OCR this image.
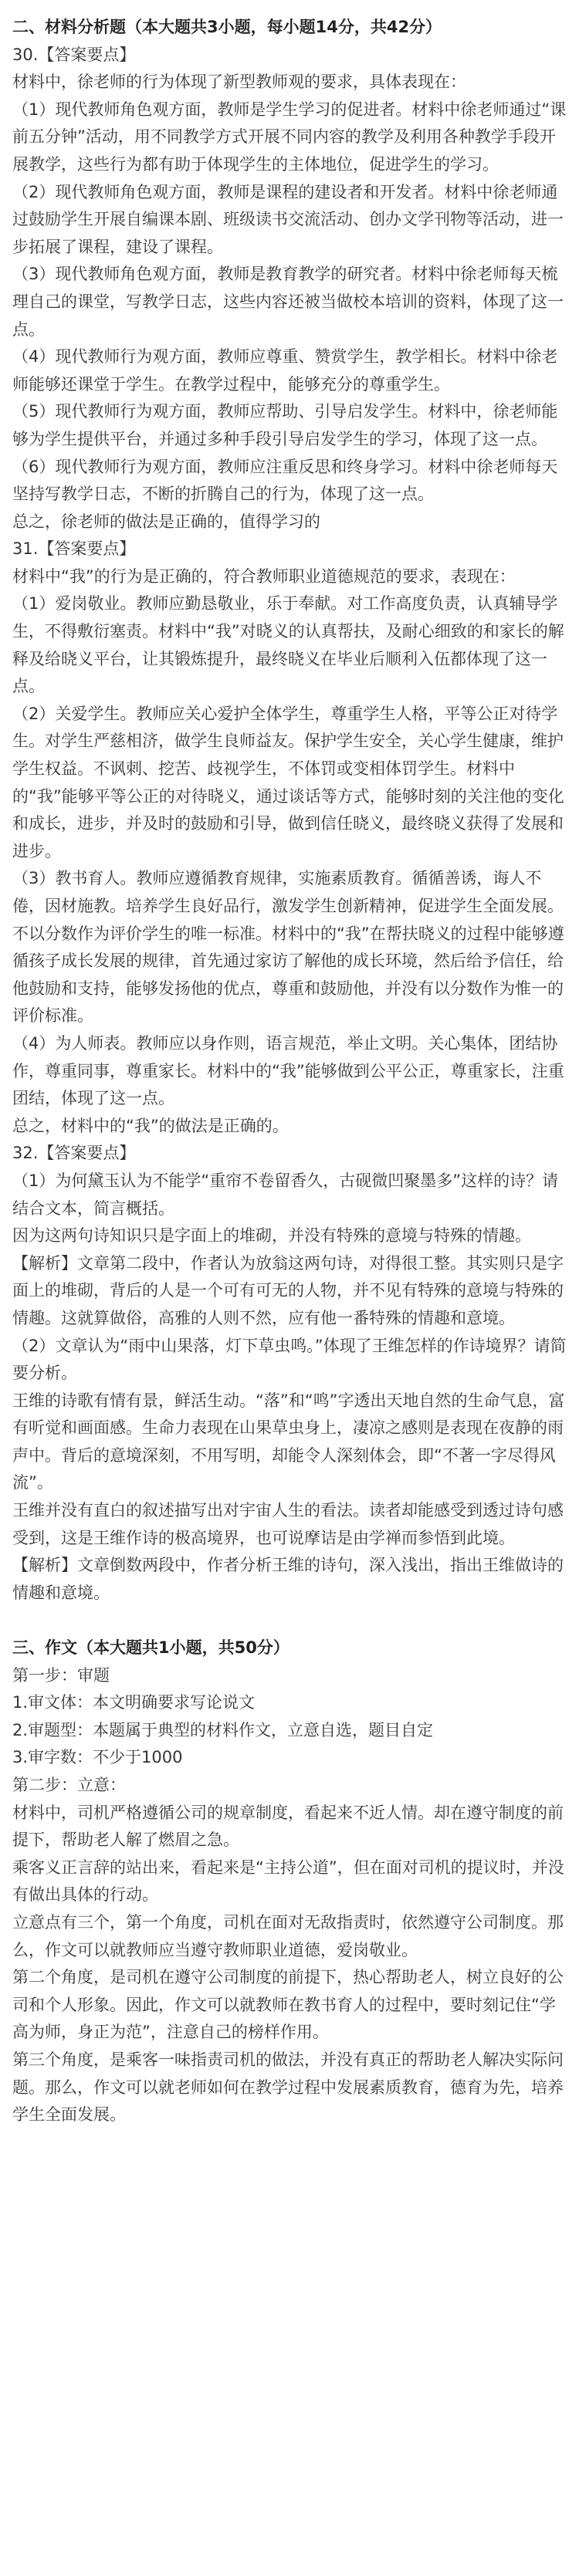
二、材料分析题（本大题共3小题，每小题14分，共42分）

30.【答案要点】

材料中，徐老师的行为体现了新型教师观的要求，具体表现在：

（1）现代教师角色观方面，教师是学生学习的促进者。材料中徐老师通过“课前五分钟”活动，用不同教学方式开展不同内容的教学及利用各种教学手段开展教学，这些行为都有助于体现学生的主体地位，促进学生的学习。

（2）现代教师角色观方面，教师是课程的建设者和开发者。材料中徐老师通过鼓励学生开展自编课本剧、班级读书交流活动、创办文学刊物等活动，进一步拓展了课程，建设了课程。

（3）现代教师角色观方面，教师是教育教学的研究者。材料中徐老师每天梳理自己的课堂，写教学日志，这些内容还被当做校本培训的资料，体现了这一点。

（4）现代教师行为观方面，教师应尊重、赞赏学生，教学相长。材料中徐老师能够还课堂于学生。在教学过程中，能够充分的尊重学生。

（5）现代教师行为观方面，教师应帮助、引导启发学生。材料中，徐老师能够为学生提供平台，并通过多种手段引导启发学生的学习，体现了这一点。

（6）现代教师行为观方面，教师应注重反思和终身学习。材料中徐老师每天坚持写教学日志，不断的折腾自己的行为，体现了这一点。

总之，徐老师的做法是正确的，值得学习的

31.【答案要点】

材料中“我”的行为是正确的，符合教师职业道德规范的要求，表现在：

（1）爱岗敬业。教师应勤恳敬业，乐于奉献。对工作高度负责，认真辅导学生，不得敷衍塞责。材料中“我”对晓义的认真帮扶，及耐心细致的和家长的解释及给晓义平台，让其锻炼提升，最终晓义在毕业后顺利入伍都体现了这一点。

（2）关爱学生。教师应关心爱护全体学生，尊重学生人格，平等公正对待学生。对学生严慈相济，做学生良师益友。保护学生安全，关心学生健康，维护学生权益。不讽刺、挖苦、歧视学生，不体罚或变相体罚学生。材料中的“我”能够平等公正的对待晓义，通过谈话等方式，能够时刻的关注他的变化和成长，进步，并及时的鼓励和引导，做到信任晓义，最终晓义获得了发展和进步。

（3）教书育人。教师应遵循教育规律，实施素质教育。循循善诱，诲人不倦，因材施教。培养学生良好品行，激发学生创新精神，促进学生全面发展。不以分数作为评价学生的唯一标准。材料中的“我”在帮扶晓义的过程中能够遵循孩子成长发展的规律，首先通过家访了解他的成长环境，然后给予信任，给他鼓励和支持，能够发扬他的优点，尊重和鼓励他，并没有以分数作为惟一的评价标准。

（4）为人师表。教师应以身作则，语言规范，举止文明。关心集体，团结协作，尊重同事，尊重家长。材料中的“我”能够做到公平公正，尊重家长，注重团结，体现了这一点。

总之，材料中的“我”的做法是正确的。

32.【答案要点】

（1）为何黛玉认为不能学“重帘不卷留香久，古砚微凹聚墨多”这样的诗？请结合文本，简言概括。

因为这两句诗知识只是字面上的堆砌，并没有特殊的意境与特殊的情趣。

【解析】文章第二段中，作者认为放翁这两句诗，对得很工整。其实则只是字面上的堆砌，背后的人是一个可有可无的人物，并不见有特殊的意境与特殊的情趣。这就算做俗，高雅的人则不然，应有他一番特殊的情趣和意境。

（2）文章认为“雨中山果落，灯下草虫鸣。”体现了王维怎样的作诗境界？请简要分析。

王维的诗歌有情有景，鲜活生动。“落”和“鸣”字透出天地自然的生命气息，富有听觉和画面感。生命力表现在山果草虫身上，凄凉之感则是表现在夜静的雨声中。背后的意境深刻，不用写明，却能令人深刻体会，即“不著一字尽得风流”。

王维并没有直白的叙述描写出对宇宙人生的看法。读者却能感受到透过诗句感受到，这是王维作诗的极高境界，也可说摩诘是由学禅而参悟到此境。

【解析】文章倒数两段中，作者分析王维的诗句，深入浅出，指出王维做诗的情趣和意境。

三、作文（本大题共1小题，共50分）

第一步：审题

1.审文体：本文明确要求写论说文

2.审题型：本题属于典型的材料作文，立意自选，题目自定

3.审字数：不少于1000

第二步：立意：

材料中，司机严格遵循公司的规章制度，看起来不近人情。却在遵守制度的前提下，帮助老人解了燃眉之急。

乘客义正言辞的站出来，看起来是“主持公道”，但在面对司机的提议时，并没有做出具体的行动。

立意点有三个，第一个角度，司机在面对无敌指责时，依然遵守公司制度。那么，作文可以就教师应当遵守教师职业道德，爱岗敬业。

第二个角度，是司机在遵守公司制度的前提下，热心帮助老人，树立良好的公司和个人形象。因此，作文可以就教师在教书育人的过程中，要时刻记住“学高为师，身正为范”，注意自己的榜样作用。

第三个角度，是乘客一味指责司机的做法，并没有真正的帮助老人解决实际问题。那么，作文可以就老师如何在教学过程中发展素质教育，德育为先，培养学生全面发展。
